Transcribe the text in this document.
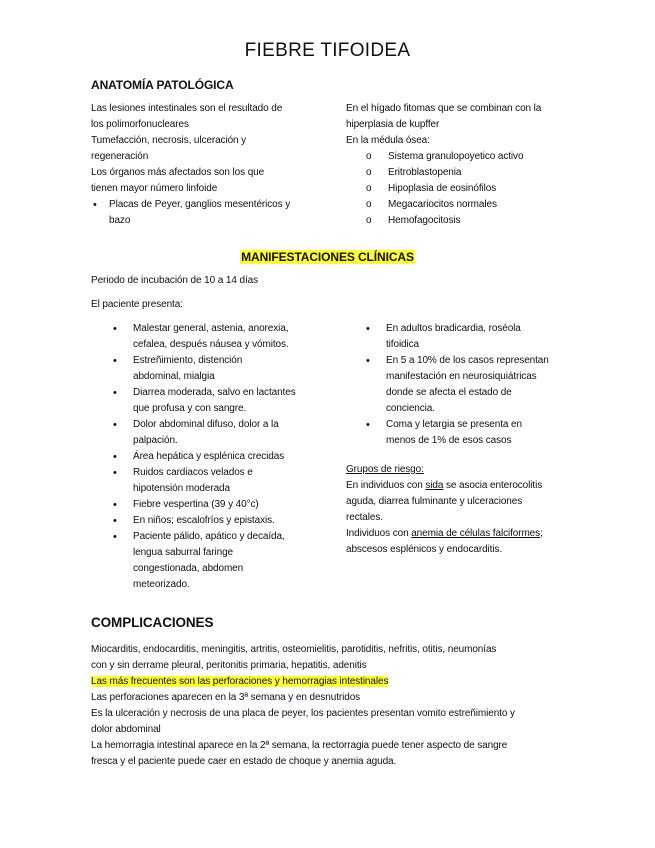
FIEBRE TIFOIDEA
ANATOMÍA PATOLÓGICA

Las lesiones intestinales son el resultado de

los polimorfonucleares

Tumefacción, necrosis, ulceración y

regeneración

Los órganos más afectados son los que

tienen mayor número linfoide

• Placas de Peyer, ganglios mesentéricos y

bazo

En el hígado fitomas que se combinan con la

hiperplasia de kupffer

En la médula ósea:

o Sistema granulopoyetico activo
o Eritroblastopenia
o Hipoplasia de eosinófilos
o Megacariocitos normales
o Hemofagocitosis
MANIFESTACIONES CLÍNICAS
Periodo de incubación de 10 a 14 días
El paciente presenta:

• Malestar general, astenia, anorexia,

cefalea, después náusea y vómitos.

• Estreñimiento, distención

abdominal, mialgia

• Diarrea moderada, salvo en lactantes

que profusa y con sangre.

• Dolor abdominal difuso, dolor a la

palpación.

• Área hepática y esplénica crecidas

• Ruidos cardiacos velados e

hipotensión moderada

• Fiebre vespertina (39 y 40°c)

• En niños; escalofríos y epistaxis.

• Paciente pálido, apático y decaída,

lengua saburral faringe

congestionada, abdomen

meteorizado.

• En adultos bradicardia, roséola

tifoidica

• En 5 a 10% de los casos representan

manifestación en neurosiquiátricas

donde se afecta el estado de

conciencia.

• Coma y letargia se presenta en

menos de 1% de esos casos

Grupos de riesgo:

En individuos con sida se asocia enterocolitis

aguda, diarrea fulminante y ulceraciones

rectales.

Individuos con anemia de células falciformes;

abscesos esplénicos y endocarditis.

COMPLICACIONES

Miocarditis, endocarditis, meningitis, artritis, osteomielitis, parotiditis, nefritis, otitis, neumonías

con y sin derrame pleural, peritonitis primaria, hepatitis, adenitis

Las más frecuentes son las perforaciones y hemorragias intestinales

Las perforaciones aparecen en la 3ª semana y en desnutridos

Es la ulceración y necrosis de una placa de peyer, los pacientes presentan vomito estreñimiento y

dolor abdominal

La hemorragia intestinal aparece en la 2ª semana, la rectorragia puede tener aspecto de sangre

fresca y el paciente puede caer en estado de choque y anemia aguda.
